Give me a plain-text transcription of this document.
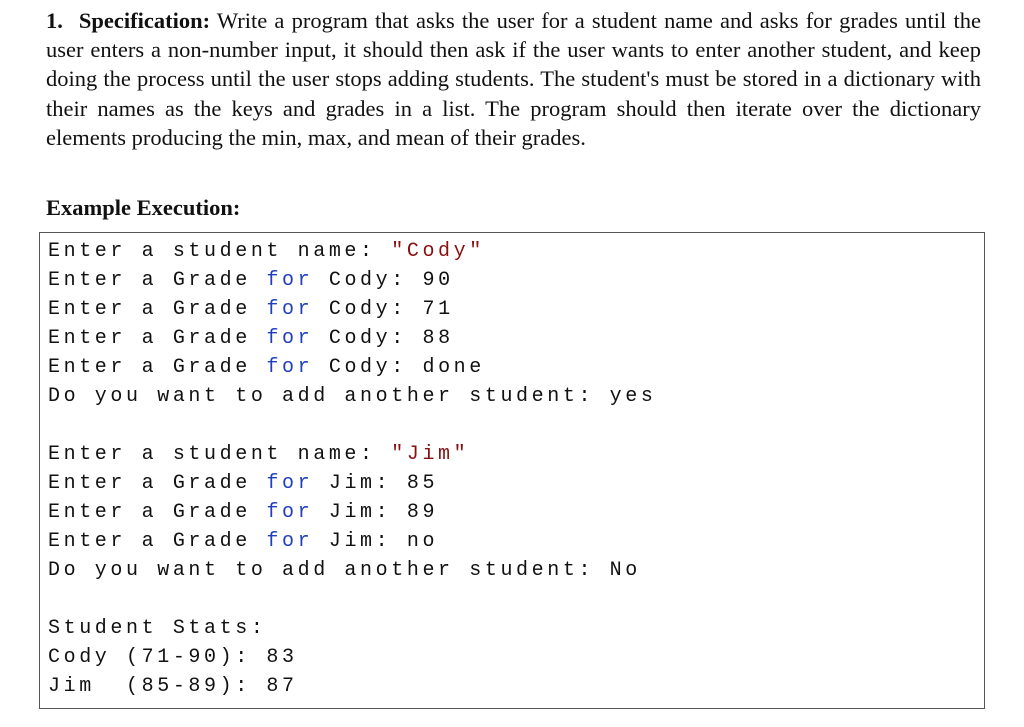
1. Specification: Write a program that asks the user for a student name and asks for grades until the user enters a non-number input, it should then ask if the user wants to enter another student, and keep doing the process until the user stops adding students. The student's must be stored in a dictionary with their names as the keys and grades in a list. The program should then iterate over the dictionary elements producing the min, max, and mean of their grades.
Example Execution:
Enter a student name: "Cody"
Enter a Grade for Cody: 90
Enter a Grade for Cody: 71
Enter a Grade for Cody: 88
Enter a Grade for Cody: done
Do you want to add another student: yes
Enter a student name: "Jim"
Enter a Grade for Jim: 85
Enter a Grade for Jim: 89
Enter a Grade for Jim: no
Do you want to add another student: No
Student Stats:
Cody (71-90): 83
Jim  (85-89): 87
